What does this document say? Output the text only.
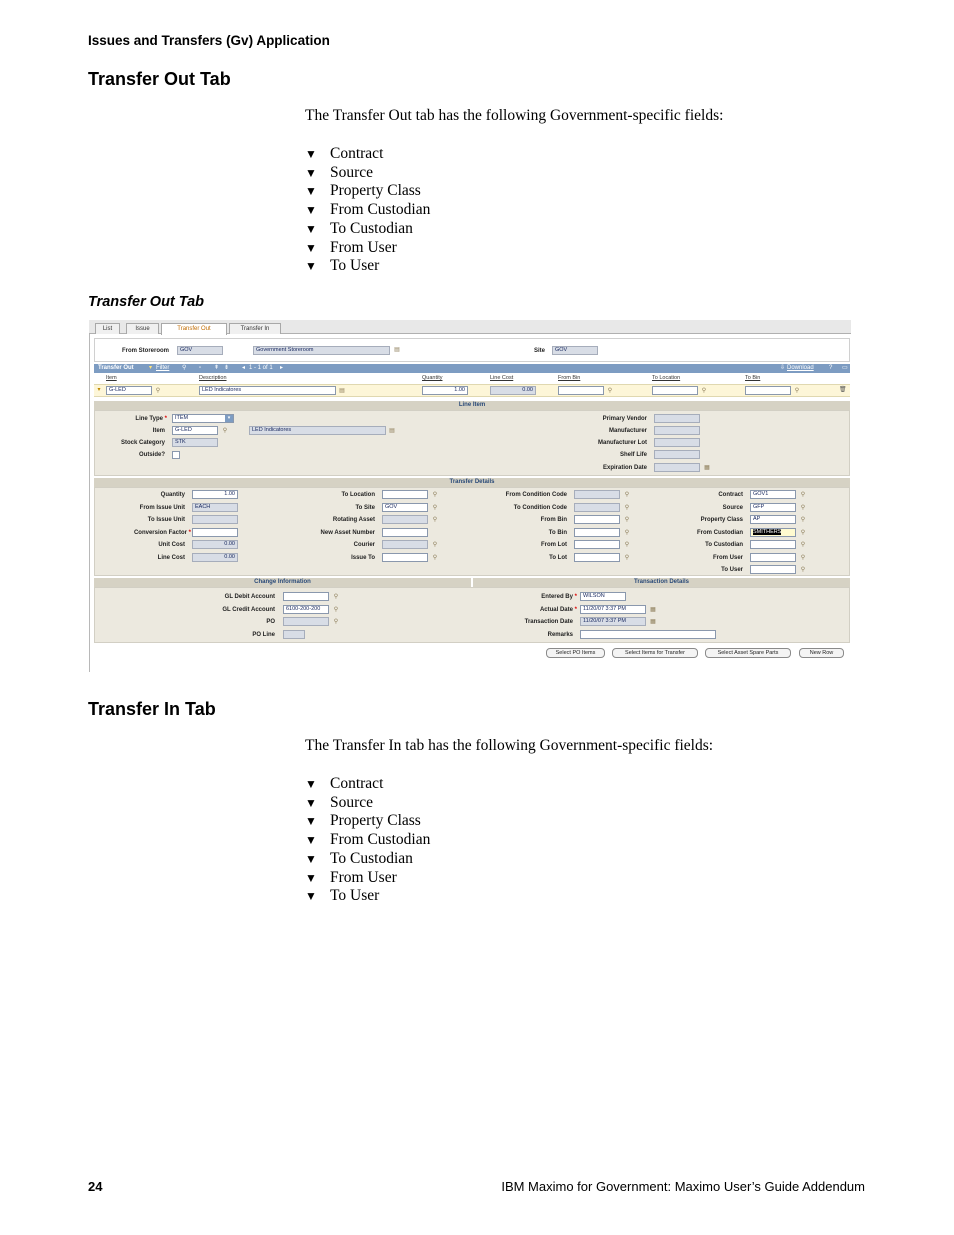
Issues and Transfers (Gv) Application
Transfer Out Tab
The Transfer Out tab has the following Government-specific fields:
▼ Contract
▼ Source
▼ Property Class
▼ From Custodian
▼ To Custodian
▼ From User
▼ To User
Transfer Out Tab
List	Issue	Transfer Out	Transfer In
From Storeroom	GOV	Government Storeroom	▤	Site	GOV
Transfer Out	▾ Filter ⚲ ▫ ⇞ ⇟ ◂ 1 - 1 of 1 ▸	⇩ Download	? ▭
Item	Description	Quantity	Line Cost	From Bin	To Location	To Bin
▾	G-LED	⚲	LED Indicatores	▤	1.00	0.00	⚲	⚲	⚲	🗑
Line Item
Line Type *	ITEM	▾
Item	G-LED	⚲	LED Indicatores	▤
Stock Category	STK
Outside?
Primary Vendor
Manufacturer
Manufacturer Lot
Shelf Life
Expiration Date	▦
Transfer Details
Quantity	1.00
From Issue Unit	EACH
To Issue Unit
Conversion Factor *
Unit Cost	0.00
Line Cost	0.00
To Location	⚲
To Site	GOV	⚲
Rotating Asset	⚲
New Asset Number
Courier	⚲
Issue To	⚲
From Condition Code	⚲
To Condition Code	⚲
From Bin	⚲
To Bin	⚲
From Lot	⚲
To Lot	⚲
Contract	GOV1	⚲
Source	GFP	⚲
Property Class	AP	⚲
From Custodian	SMITHERS	⚲
To Custodian	⚲
From User	⚲
To User	⚲
Change Information	Transaction Details
GL Debit Account	⚲
GL Credit Account	6100-200-200	⚲
PO	⚲
PO Line
Entered By *	WILSON
Actual Date *	11/20/07 3:37 PM	▦
Transaction Date	11/20/07 3:37 PM	▦
Remarks
Select PO Items	Select Items for Transfer	Select Asset Spare Parts	New Row
Transfer In Tab
The Transfer In tab has the following Government-specific fields:
▼ Contract
▼ Source
▼ Property Class
▼ From Custodian
▼ To Custodian
▼ From User
▼ To User
24	IBM Maximo for Government: Maximo User’s Guide Addendum
